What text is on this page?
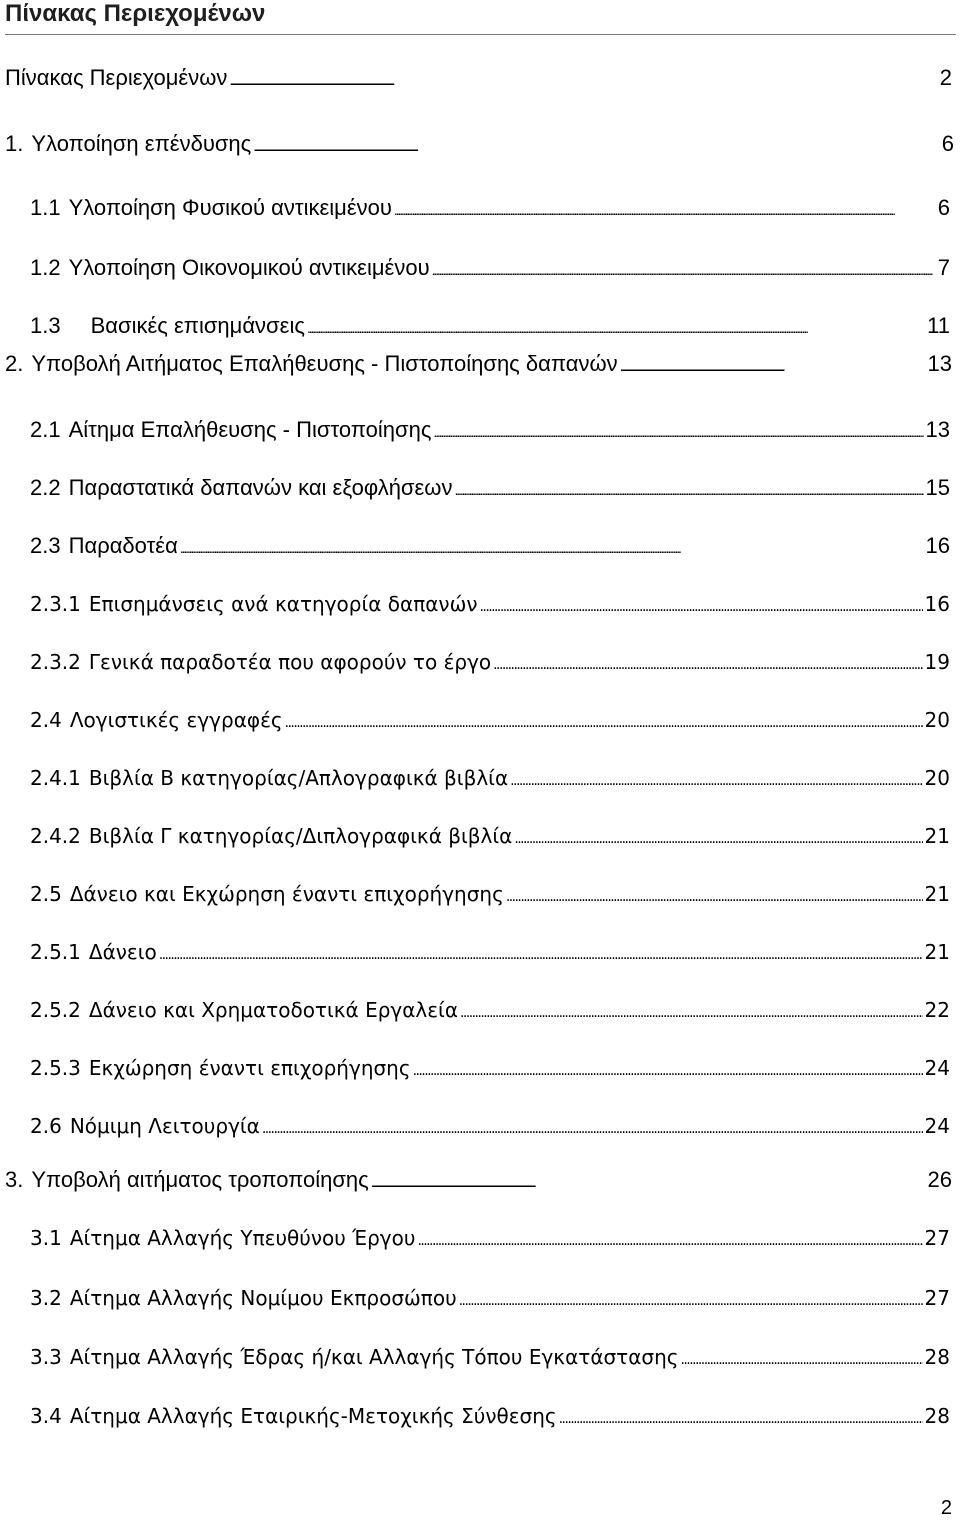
Πίνακας Περιεχομένων
Πίνακας Περιεχομένων . . .	2
1. Υλοποίηση επένδυσης . . .	6
1.1 Υλοποίηση Φυσικού αντικειμένου . . .	6
1.2 Υλοποίηση Οικονομικού αντικειμένου . . .	7
1.3 Βασικές επισημάνσεις . . .	11
2. Υποβολή Αιτήματος Επαλήθευσης - Πιστοποίησης δαπανών . . .	13
2.1 Αίτημα Επαλήθευσης - Πιστοποίησης . . .	13
2.2 Παραστατικά δαπανών και εξοφλήσεων . . .	15
2.3 Παραδοτέα . . .	16
2.3.1 Επισημάνσεις ανά κατηγορία δαπανών . . .	16
2.3.2 Γενικά παραδοτέα που αφορούν το έργο . . .	19
2.4 Λογιστικές εγγραφές . . .	20
2.4.1 Βιβλία Β κατηγορίας/Απλογραφικά βιβλία . . .	20
2.4.2 Βιβλία Γ κατηγορίας/Διπλογραφικά βιβλία . . .	21
2.5 Δάνειο και Εκχώρηση έναντι επιχορήγησης . . .	21
2.5.1 Δάνειο . . .	21
2.5.2 Δάνειο και Χρηματοδοτικά Εργαλεία . . .	22
2.5.3 Εκχώρηση έναντι επιχορήγησης . . .	24
2.6 Νόμιμη Λειτουργία . . .	24
3. Υποβολή αιτήματος τροποποίησης . . .	26
3.1 Αίτημα Αλλαγής Υπευθύνου Έργου . . .	27
3.2 Αίτημα Αλλαγής Νομίμου Εκπροσώπου . . .	27
3.3 Αίτημα Αλλαγής Έδρας ή/και Αλλαγής Τόπου Εγκατάστασης . . .	28
3.4 Αίτημα Αλλαγής Εταιρικής-Μετοχικής Σύνθεσης . . .	28
2
